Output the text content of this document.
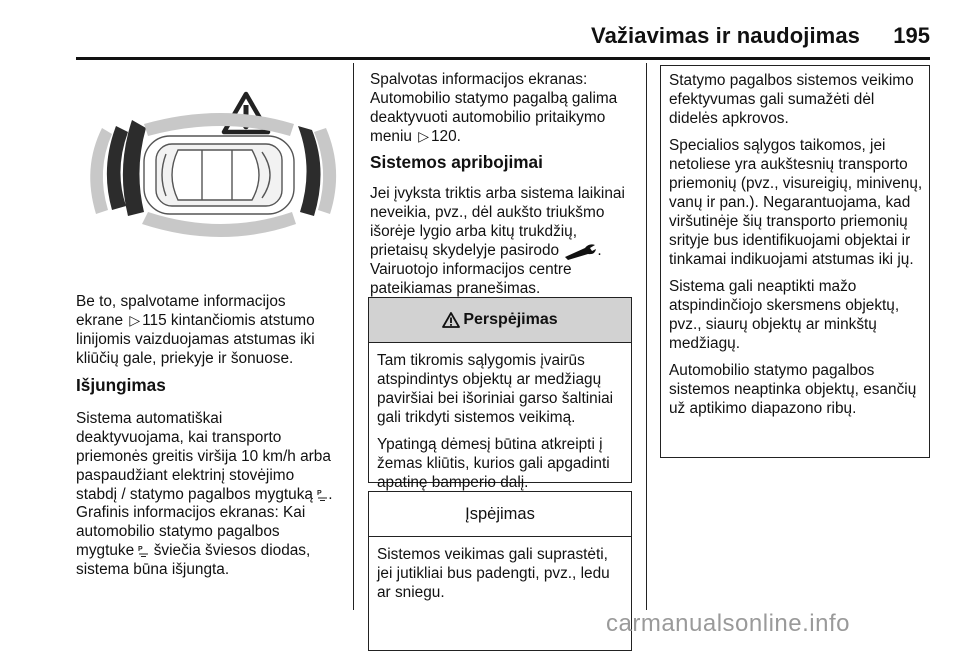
Važiavimas ir naudojimas	195
Be to, spalvotame informacijos
ekrane ▷ 115 kintančiomis atstumo
linijomis vaizduojamas atstumas iki
kliūčių gale, priekyje ir šonuose.
Išjungimas
Sistema automatiškai
deaktyvuojama, kai transporto
priemonės greitis viršija 10 km/h arba
paspaudžiant elektrinį stovėjimo
stabdį / statymo pagalbos mygtuką P .
Grafinis informacijos ekranas: Kai
automobilio statymo pagalbos
mygtuke P šviečia šviesos diodas,
sistema būna išjungta.
Spalvotas informacijos ekranas:
Automobilio statymo pagalbą galima
deaktyvuoti automobilio pritaikymo
meniu ▷ 120.
Sistemos apribojimai
Jei įvyksta triktis arba sistema laikinai
neveikia, pvz., dėl aukšto triukšmo
išorėje lygio arba kitų trukdžių,
prietaisų skydelyje pasirodo .
Vairuotojo informacijos centre
pateikiamas pranešimas.
Perspėjimas

Tam tikromis sąlygomis įvairūs atspindintys objektų ar medžiagų paviršiai bei išoriniai garso šaltiniai gali trikdyti sistemos veikimą.

Ypatingą dėmesį būtina atkreipti į žemas kliūtis, kurios gali apgadinti apatinę bamperio dalį.

Įspėjimas

Sistemos veikimas gali suprastėti, jei jutikliai bus padengti, pvz., ledu ar sniegu.

Statymo pagalbos sistemos veikimo efektyvumas gali sumažėti dėl didelės apkrovos.

Specialios sąlygos taikomos, jei netoliese yra aukštesnių transporto priemonių (pvz., visureigių, minivenų, vanų ir pan.). Negarantuojama, kad viršutinėje šių transporto priemonių srityje bus identifikuojami objektai ir tinkamai indikuojami atstumas iki jų.

Sistema gali neaptikti mažo atspindinčiojo skersmens objektų, pvz., siaurų objektų ar minkštų medžiagų.

Automobilio statymo pagalbos sistemos neaptinka objektų, esančių už aptikimo diapazono ribų.

carmanualsonline.info
